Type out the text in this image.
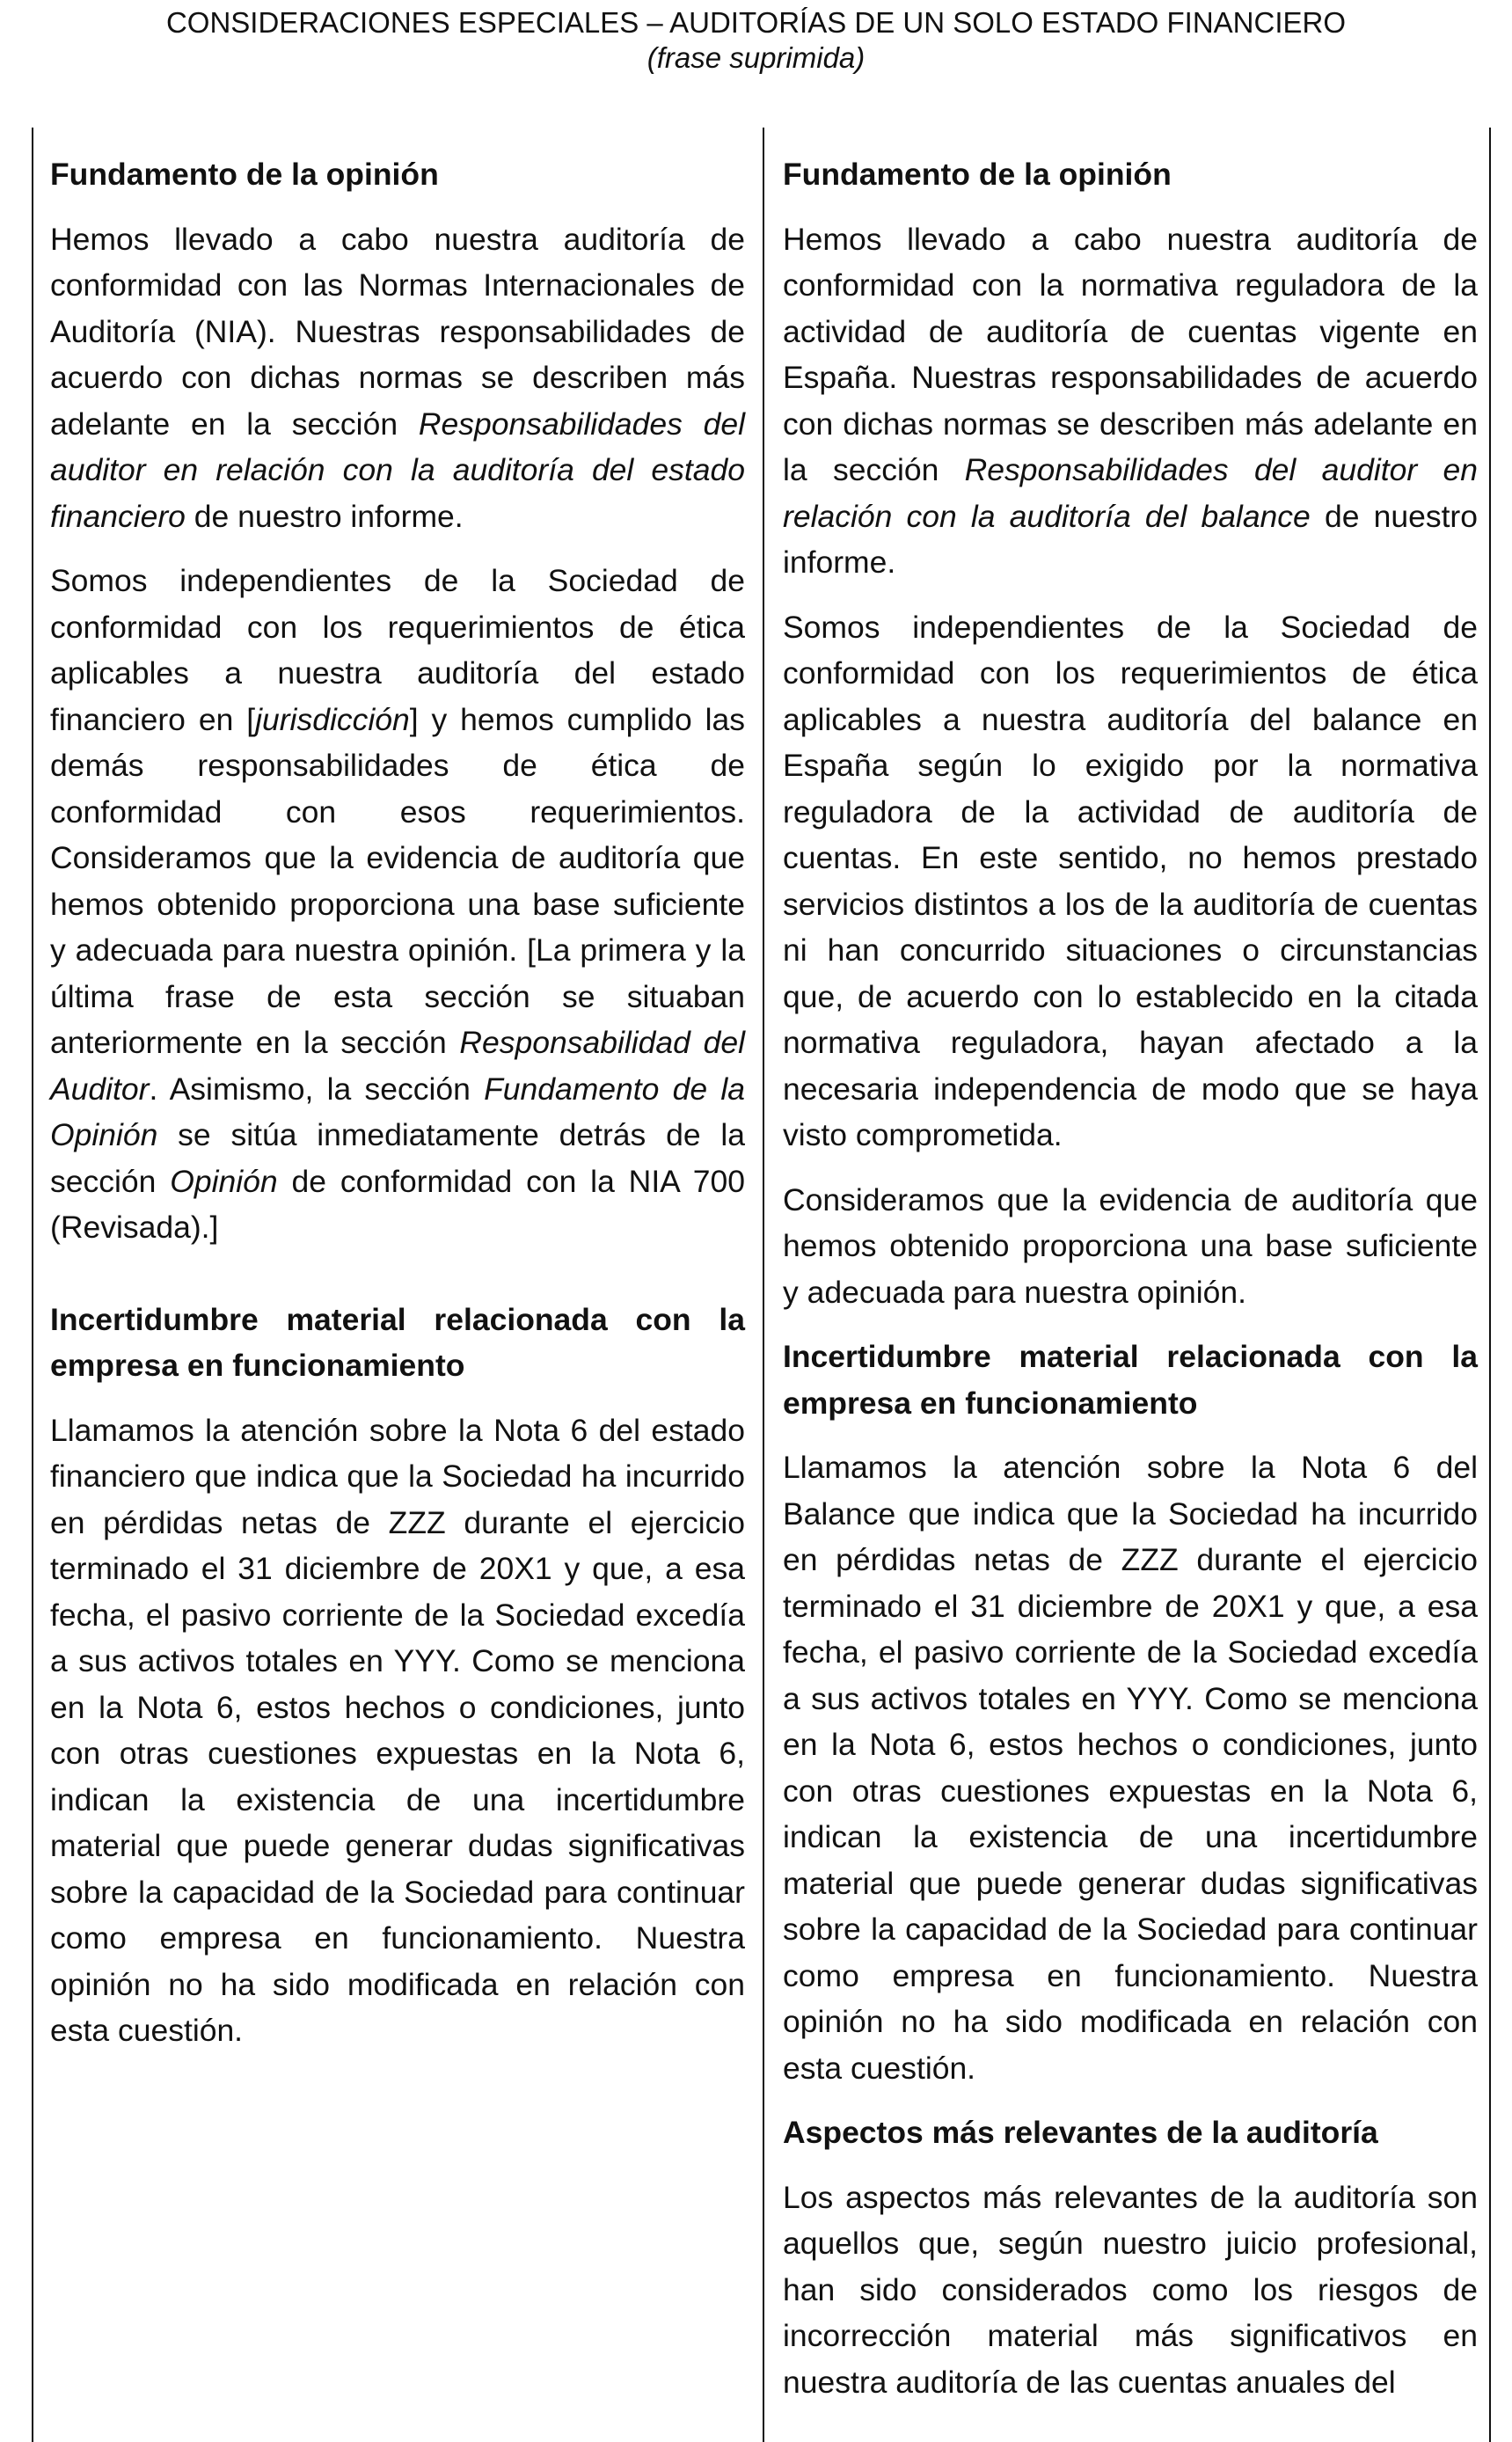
CONSIDERACIONES ESPECIALES – AUDITORÍAS DE UN SOLO ESTADO FINANCIERO
(frase suprimida)
Fundamento de la opinión

Hemos llevado a cabo nuestra auditoría de conformidad con las Normas Internacionales de Auditoría (NIA). Nuestras responsabilidades de acuerdo con dichas normas se describen más adelante en la sección Responsabilidades del auditor en relación con la auditoría del estado financiero de nuestro informe.

Somos independientes de la Sociedad de conformidad con los requerimientos de ética aplicables a nuestra auditoría del estado financiero en [jurisdicción] y hemos cumplido las demás responsabilidades de ética de conformidad con esos requerimientos. Consideramos que la evidencia de auditoría que hemos obtenido proporciona una base suficiente y adecuada para nuestra opinión. [La primera y la última frase de esta sección se situaban anteriormente en la sección Responsabilidad del Auditor. Asimismo, la sección Fundamento de la Opinión se sitúa inmediatamente detrás de la sección Opinión de conformidad con la NIA 700 (Revisada).]

Incertidumbre material relacionada con la empresa en funcionamiento

Llamamos la atención sobre la Nota 6 del estado financiero que indica que la Sociedad ha incurrido en pérdidas netas de ZZZ durante el ejercicio terminado el 31 diciembre de 20X1 y que, a esa fecha, el pasivo corriente de la Sociedad excedía a sus activos totales en YYY. Como se menciona en la Nota 6, estos hechos o condiciones, junto con otras cuestiones expuestas en la Nota 6, indican la existencia de una incertidumbre material que puede generar dudas significativas sobre la capacidad de la Sociedad para continuar como empresa en funcionamiento. Nuestra opinión no ha sido modificada en relación con esta cuestión.

Fundamento de la opinión

Hemos llevado a cabo nuestra auditoría de conformidad con la normativa reguladora de la actividad de auditoría de cuentas vigente en España. Nuestras responsabilidades de acuerdo con dichas normas se describen más adelante en la sección Responsabilidades del auditor en relación con la auditoría del balance de nuestro informe.

Somos independientes de la Sociedad de conformidad con los requerimientos de ética aplicables a nuestra auditoría del balance en España según lo exigido por la normativa reguladora de la actividad de auditoría de cuentas. En este sentido, no hemos prestado servicios distintos a los de la auditoría de cuentas ni han concurrido situaciones o circunstancias que, de acuerdo con lo establecido en la citada normativa reguladora, hayan afectado a la necesaria independencia de modo que se haya visto comprometida.

Consideramos que la evidencia de auditoría que hemos obtenido proporciona una base suficiente y adecuada para nuestra opinión.

Incertidumbre material relacionada con la empresa en funcionamiento

Llamamos la atención sobre la Nota 6 del Balance que indica que la Sociedad ha incurrido en pérdidas netas de ZZZ durante el ejercicio terminado el 31 diciembre de 20X1 y que, a esa fecha, el pasivo corriente de la Sociedad excedía a sus activos totales en YYY. Como se menciona en la Nota 6, estos hechos o condiciones, junto con otras cuestiones expuestas en la Nota 6, indican la existencia de una incertidumbre material que puede generar dudas significativas sobre la capacidad de la Sociedad para continuar como empresa en funcionamiento. Nuestra opinión no ha sido modificada en relación con esta cuestión.

Aspectos más relevantes de la auditoría

Los aspectos más relevantes de la auditoría son aquellos que, según nuestro juicio profesional, han sido considerados como los riesgos de incorrección material más significativos en nuestra auditoría de las cuentas anuales del
